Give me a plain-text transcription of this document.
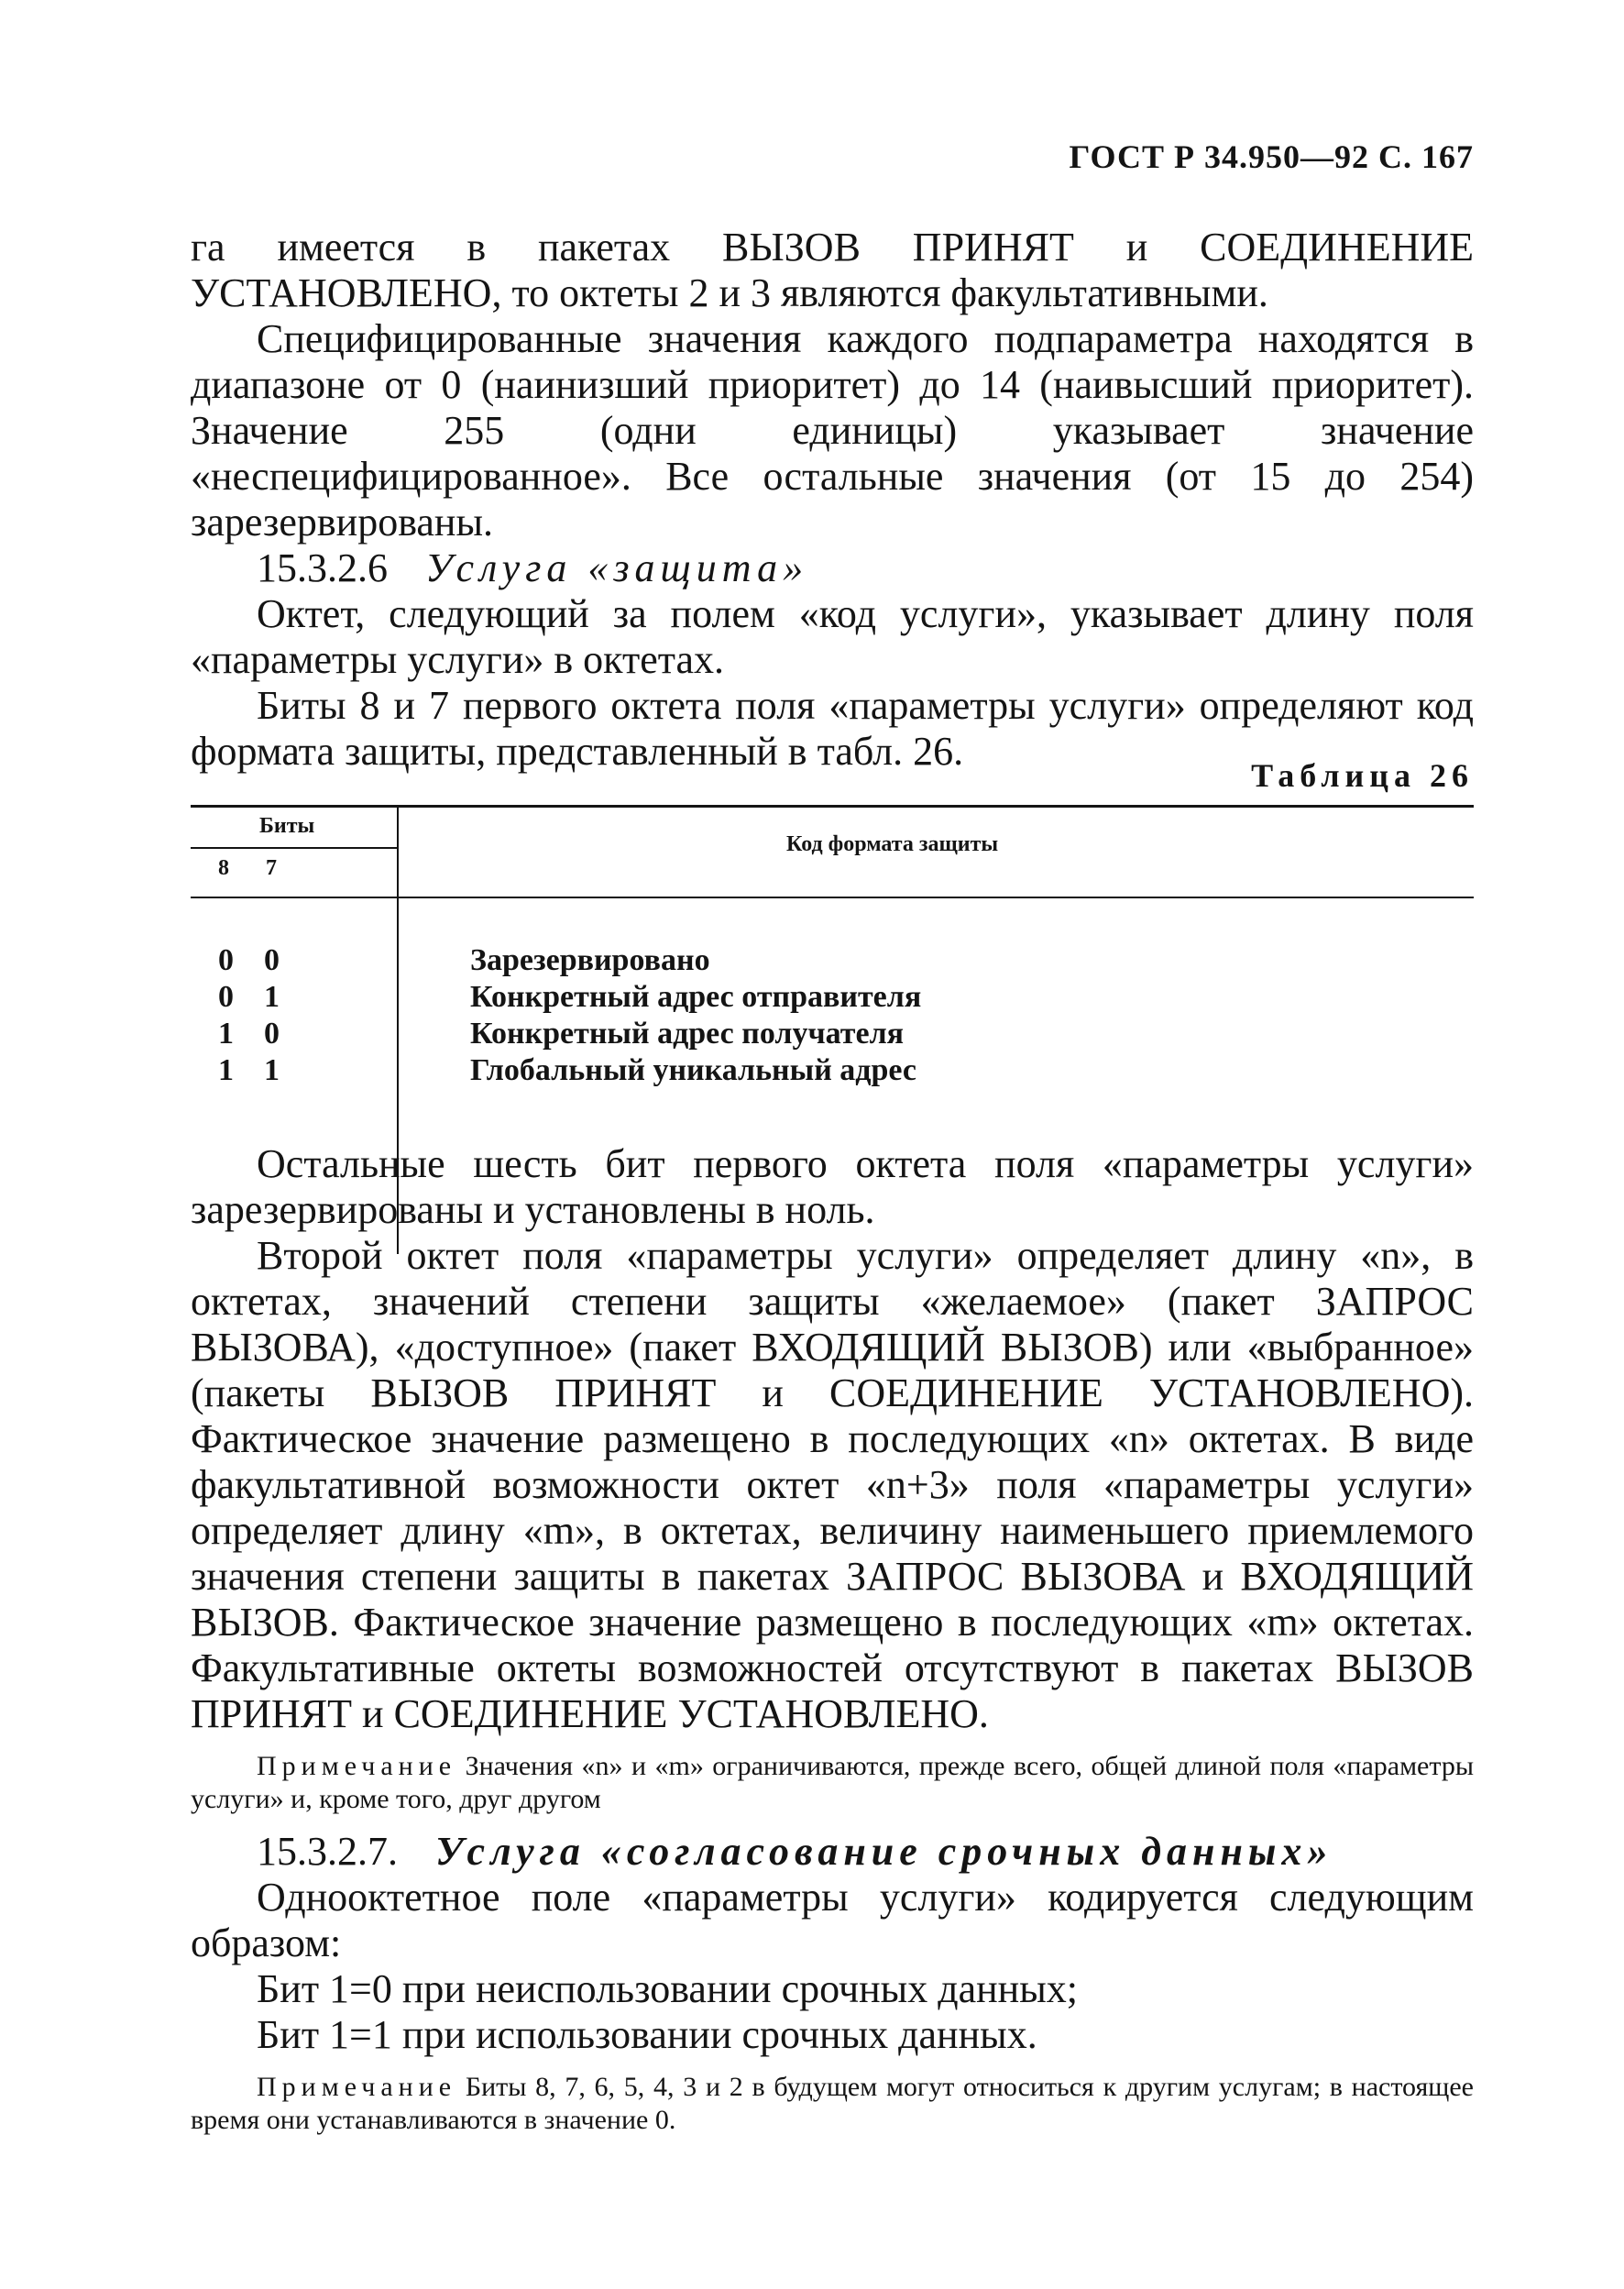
ГОСТ Р 34.950—92 С. 167

га имеется в пакетах ВЫЗОВ ПРИНЯТ и СОЕДИНЕНИЕ УСТАНОВЛЕНО, то октеты 2 и 3 являются факультативными.

Специфицированные значения каждого подпараметра находятся в диапазоне от 0 (наинизший приоритет) до 14 (наивысший приоритет). Значение 255 (одни единицы) указывает значение «неспецифицированное». Все остальные значения (от 15 до 254) зарезервированы.

15.3.2.6 Услуга «защита»

Октет, следующий за полем «код услуги», указывает длину поля «параметры услуги» в октетах.

Биты 8 и 7 первого октета поля «параметры услуги» определяют код формата защиты, представленный в табл. 26.

Таблица 26
Биты
8 7
Код формата защиты
0 0	Зарезервировано
0 1	Конкретный адрес отправителя
1 0	Конкретный адрес получателя
1 1	Глобальный уникальный адрес

Остальные шесть бит первого октета поля «параметры услуги» зарезервированы и установлены в ноль.

Второй октет поля «параметры услуги» определяет длину «n», в октетах, значений степени защиты «желаемое» (пакет ЗАПРОС ВЫЗОВА), «доступное» (пакет ВХОДЯЩИЙ ВЫЗОВ) или «выбранное» (пакеты ВЫЗОВ ПРИНЯТ и СОЕДИНЕНИЕ УСТАНОВЛЕНО). Фактическое значение размещено в последующих «n» октетах. В виде факультативной возможности октет «n+3» поля «параметры услуги» определяет длину «m», в октетах, величину наименьшего приемлемого значения степени защиты в пакетах ЗАПРОС ВЫЗОВА и ВХОДЯЩИЙ ВЫЗОВ. Фактическое значение размещено в последующих «m» октетах. Факультативные октеты возможностей отсутствуют в пакетах ВЫЗОВ ПРИНЯТ и СОЕДИНЕНИЕ УСТАНОВЛЕНО.

Примечание Значения «n» и «m» ограничиваются, прежде всего, общей длиной поля «параметры услуги» и, кроме того, друг другом

15.3.2.7. Услуга «согласование срочных данных»

Однооктетное поле «параметры услуги» кодируется следующим образом:

Бит 1=0 при неиспользовании срочных данных;
Бит 1=1 при использовании срочных данных.

Примечание Биты 8, 7, 6, 5, 4, 3 и 2 в будущем могут относиться к другим услугам; в настоящее время они устанавливаются в значение 0.
